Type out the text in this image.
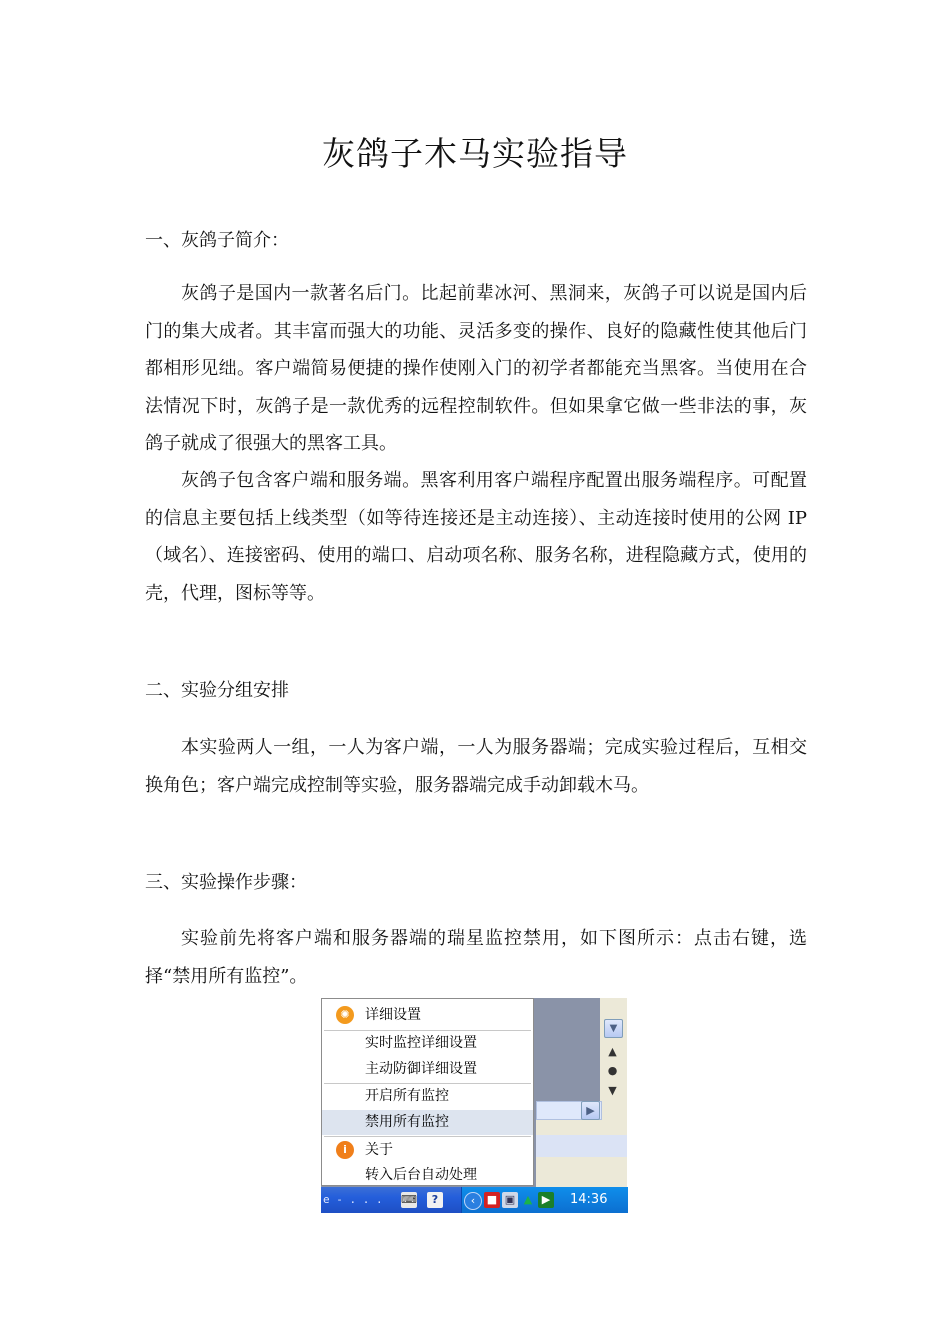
灰鸽子木马实验指导

一、灰鸽子简介：

灰鸽子是国内一款著名后门。比起前辈冰河、黑洞来，灰鸽子可以说是国内后门的集大成者。其丰富而强大的功能、灵活多变的操作、良好的隐藏性使其他后门都相形见绌。客户端简易便捷的操作使刚入门的初学者都能充当黑客。当使用在合法情况下时，灰鸽子是一款优秀的远程控制软件。但如果拿它做一些非法的事，灰鸽子就成了很强大的黑客工具。

灰鸽子包含客户端和服务端。黑客利用客户端程序配置出服务端程序。可配置的信息主要包括上线类型（如等待连接还是主动连接）、主动连接时使用的公网 IP（域名）、连接密码、使用的端口、启动项名称、服务名称，进程隐藏方式，使用的壳，代理，图标等等。

二、实验分组安排

本实验两人一组，一人为客户端，一人为服务器端；完成实验过程后，互相交换角色；客户端完成控制等实验，服务器端完成手动卸载木马。

三、实验操作步骤：

实验前先将客户端和服务器端的瑞星监控禁用，如下图所示：点击右键，选择“禁用所有监控”。

▼
▲
●
▼
▶
✺	详细设置
实时监控详细设置
主动防御详细设置
开启所有监控
禁用所有监控
i	关于
转入后台自动处理
e - . . .	⌨	?	‹	■ ▣ ▲ ▶ 14:36
